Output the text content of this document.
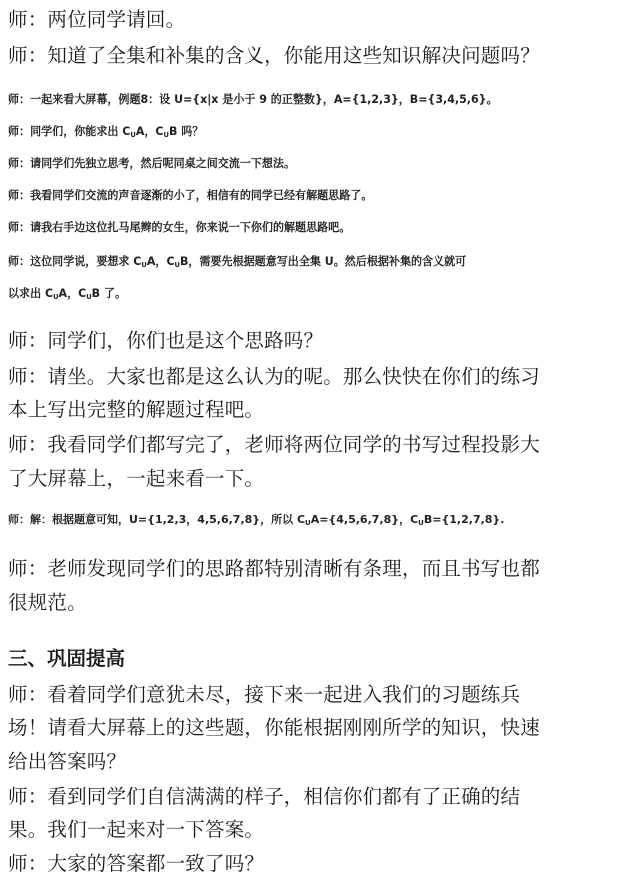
师：两位同学请回。
师：知道了全集和补集的含义，你能用这些知识解决问题吗？
师：一起来看大屏幕，例题8：设 U={x|x 是小于 9 的正整数}，A={1,2,3}，B={3,4,5,6}。
师：同学们，你能求出 $C_UA$，$C_UB$ 吗？
师：请同学们先独立思考，然后呢同桌之间交流一下想法。
师：我看同学们交流的声音逐渐的小了，相信有的同学已经有解题思路了。
师：请我右手边这位扎马尾辫的女生，你来说一下你们的解题思路吧。
师：这位同学说，要想求 $C_UA$，$C_UB$，需要先根据题意写出全集 U。然后根据补集的含义就可
以求出 $C_UA$，$C_UB$ 了。
师：同学们，你们也是这个思路吗？
师：请坐。大家也都是这么认为的呢。那么快快在你们的练习
本上写出完整的解题过程吧。
师：我看同学们都写完了，老师将两位同学的书写过程投影大
了大屏幕上，一起来看一下。
师：解：根据题意可知，U={1,2,3，4,5,6,7,8}，所以 $C_UA=\{4,5,6,7,8\}$，$C_UB=\{1,2,7,8\}$.
师：老师发现同学们的思路都特别清晰有条理，而且书写也都
很规范。
三、巩固提高
师：看着同学们意犹未尽，接下来一起进入我们的习题练兵
场！请看大屏幕上的这些题，你能根据刚刚所学的知识，快速
给出答案吗？
师：看到同学们自信满满的样子，相信你们都有了正确的结
果。我们一起来对一下答案。
师：大家的答案都一致了吗？
